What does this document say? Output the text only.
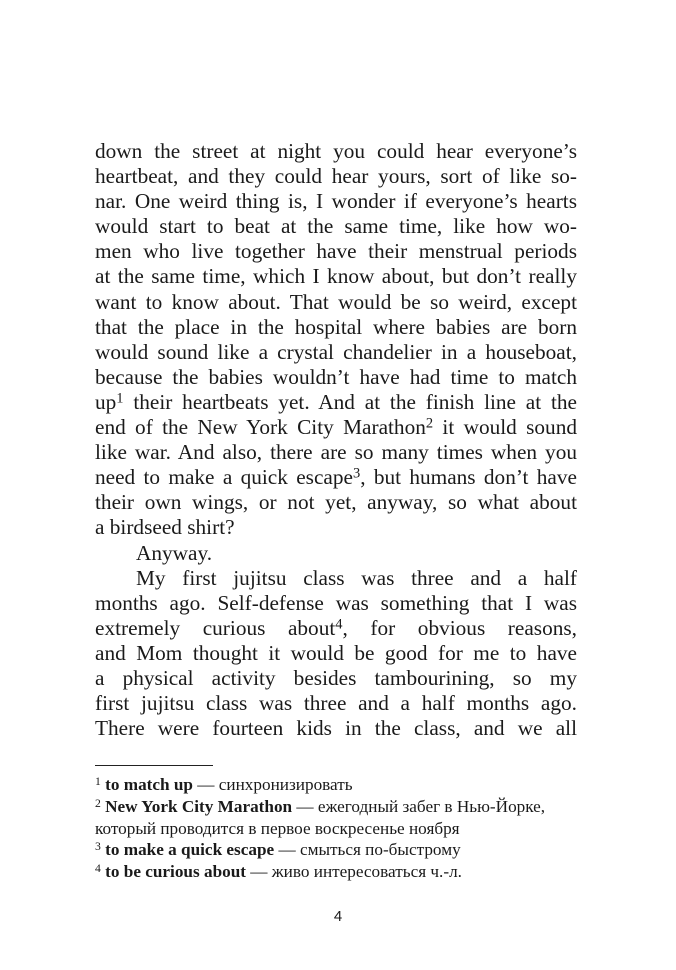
down the street at night you could hear everyone’s
heartbeat, and they could hear yours, sort of like so-
nar. One weird thing is, I wonder if everyone’s hearts
would start to beat at the same time, like how wo-
men who live together have their menstrual periods
at the same time, which I know about, but don’t really
want to know about. That would be so weird, except
that the place in the hospital where babies are born
would sound like a crystal chandelier in a houseboat,
because the babies wouldn’t have had time to match
$up^1$ their heartbeats yet. And at the finish line at the
end of the New York City Marathon$^2$ it would sound
like war. And also, there are so many times when you
need to make a quick escape$^3$, but humans don’t have
their own wings, or not yet, anyway, so what about
a birdseed shirt?
Anyway.
My first jujitsu class was three and a half
months ago. Self-defense was something that I was
extremely curious about$^4$, for obvious reasons,
and Mom thought it would be good for me to have
a physical activity besides tambourining, so my
first jujitsu class was three and a half months ago.
There were fourteen kids in the class, and we all
$^1$ to match up — синхронизировать
$^2$ New York City Marathon — ежегодный забег в Нью-Йорке,
который проводится в первое воскресенье ноября
$^3$ to make a quick escape — смыться по-быстрому
$^4$ to be curious about — живо интересоваться ч.-л.
4
